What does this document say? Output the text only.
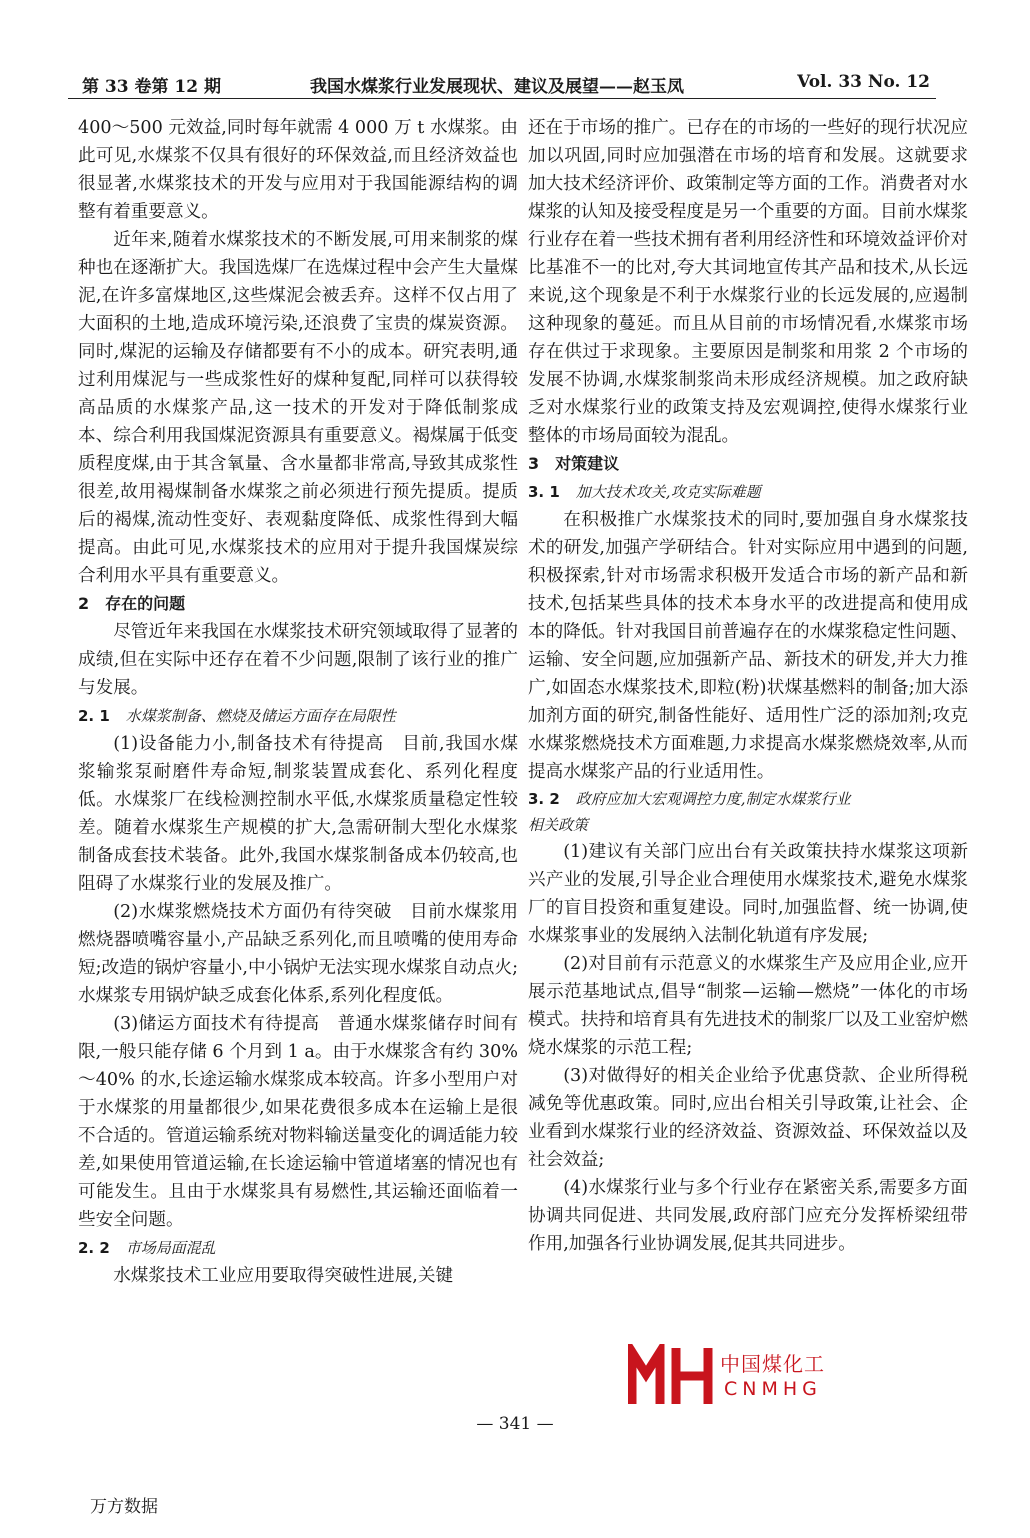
第 33 卷第 12 期	我国水煤浆行业发展现状、建议及展望——赵玉凤	Vol. 33 No. 12

400～500 元效益,同时每年就需 4 000 万 t 水煤浆。由此可见,水煤浆不仅具有很好的环保效益,而且经济效益也很显著,水煤浆技术的开发与应用对于我国能源结构的调整有着重要意义。

近年来,随着水煤浆技术的不断发展,可用来制浆的煤种也在逐渐扩大。我国选煤厂在选煤过程中会产生大量煤泥,在许多富煤地区,这些煤泥会被丢弃。这样不仅占用了大面积的土地,造成环境污染,还浪费了宝贵的煤炭资源。同时,煤泥的运输及存储都要有不小的成本。研究表明,通过利用煤泥与一些成浆性好的煤种复配,同样可以获得较高品质的水煤浆产品,这一技术的开发对于降低制浆成本、综合利用我国煤泥资源具有重要意义。褐煤属于低变质程度煤,由于其含氧量、含水量都非常高,导致其成浆性很差,故用褐煤制备水煤浆之前必须进行预先提质。提质后的褐煤,流动性变好、表观黏度降低、成浆性得到大幅提高。由此可见,水煤浆技术的应用对于提升我国煤炭综合利用水平具有重要意义。

2　存在的问题

尽管近年来我国在水煤浆技术研究领域取得了显著的成绩,但在实际中还存在着不少问题,限制了该行业的推广与发展。

2. 1 水煤浆制备、燃烧及储运方面存在局限性

(1)设备能力小,制备技术有待提高　目前,我国水煤浆输浆泵耐磨件寿命短,制浆装置成套化、系列化程度低。水煤浆厂在线检测控制水平低,水煤浆质量稳定性较差。随着水煤浆生产规模的扩大,急需研制大型化水煤浆制备成套技术装备。此外,我国水煤浆制备成本仍较高,也阻碍了水煤浆行业的发展及推广。

(2)水煤浆燃烧技术方面仍有待突破　目前水煤浆用燃烧器喷嘴容量小,产品缺乏系列化,而且喷嘴的使用寿命短;改造的锅炉容量小,中小锅炉无法实现水煤浆自动点火;水煤浆专用锅炉缺乏成套化体系,系列化程度低。

(3)储运方面技术有待提高　普通水煤浆储存时间有限,一般只能存储 6 个月到 1 a。由于水煤浆含有约 30%～40% 的水,长途运输水煤浆成本较高。许多小型用户对于水煤浆的用量都很少,如果花费很多成本在运输上是很不合适的。管道运输系统对物料输送量变化的调适能力较差,如果使用管道运输,在长途运输中管道堵塞的情况也有可能发生。且由于水煤浆具有易燃性,其运输还面临着一些安全问题。

2. 2 市场局面混乱

水煤浆技术工业应用要取得突破性进展,关键

还在于市场的推广。已存在的市场的一些好的现行状况应加以巩固,同时应加强潜在市场的培育和发展。这就要求加大技术经济评价、政策制定等方面的工作。消费者对水煤浆的认知及接受程度是另一个重要的方面。目前水煤浆行业存在着一些技术拥有者利用经济性和环境效益评价对比基准不一的比对,夸大其词地宣传其产品和技术,从长远来说,这个现象是不利于水煤浆行业的长远发展的,应遏制这种现象的蔓延。而且从目前的市场情况看,水煤浆市场存在供过于求现象。主要原因是制浆和用浆 2 个市场的发展不协调,水煤浆制浆尚未形成经济规模。加之政府缺乏对水煤浆行业的政策支持及宏观调控,使得水煤浆行业整体的市场局面较为混乱。

3　对策建议
3. 1 加大技术攻关,攻克实际难题

在积极推广水煤浆技术的同时,要加强自身水煤浆技术的研发,加强产学研结合。针对实际应用中遇到的问题,积极探索,针对市场需求积极开发适合市场的新产品和新技术,包括某些具体的技术本身水平的改进提高和使用成本的降低。针对我国目前普遍存在的水煤浆稳定性问题、运输、安全问题,应加强新产品、新技术的研发,并大力推广,如固态水煤浆技术,即粒(粉)状煤基燃料的制备;加大添加剂方面的研究,制备性能好、适用性广泛的添加剂;攻克水煤浆燃烧技术方面难题,力求提高水煤浆燃烧效率,从而提高水煤浆产品的行业适用性。

3. 2 政府应加大宏观调控力度,制定水煤浆行业
相关政策

(1)建议有关部门应出台有关政策扶持水煤浆这项新兴产业的发展,引导企业合理使用水煤浆技术,避免水煤浆厂的盲目投资和重复建设。同时,加强监督、统一协调,使水煤浆事业的发展纳入法制化轨道有序发展;

(2)对目前有示范意义的水煤浆生产及应用企业,应开展示范基地试点,倡导“制浆—运输—燃烧”一体化的市场模式。扶持和培育具有先进技术的制浆厂以及工业窑炉燃烧水煤浆的示范工程;

(3)对做得好的相关企业给予优惠贷款、企业所得税减免等优惠政策。同时,应出台相关引导政策,让社会、企业看到水煤浆行业的经济效益、资源效益、环保效益以及社会效益;

(4)水煤浆行业与多个行业存在紧密关系,需要多方面协调共同促进、共同发展,政府部门应充分发挥桥梁纽带作用,加强各行业协调发展,促其共同进步。

中国煤化工
CNMHG
— 341 —
万方数据
